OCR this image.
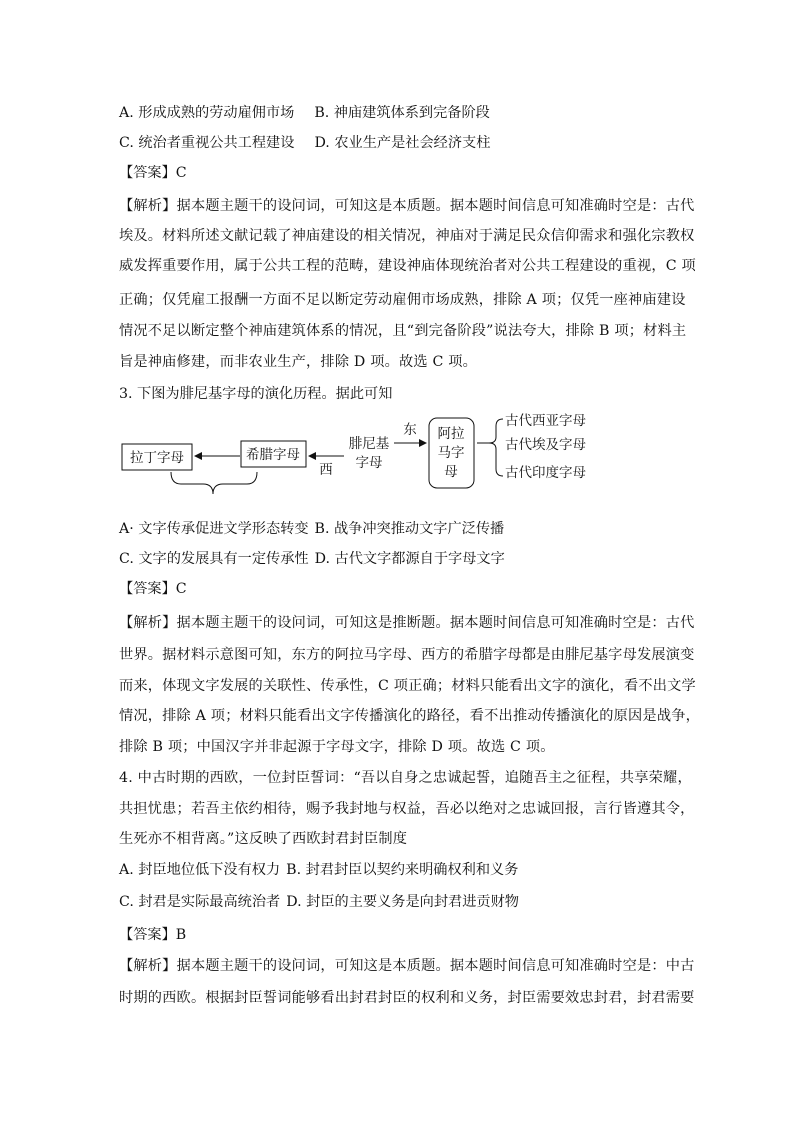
A. 形成成熟的劳动雇佣市场 B. 神庙建筑体系到完备阶段
C. 统治者重视公共工程建设 D. 农业生产是社会经济支柱
【答案】C
【解析】据本题主题干的设问词，可知这是本质题。据本题时间信息可知准确时空是：古代
埃及。材料所述文献记载了神庙建设的相关情况，神庙对于满足民众信仰需求和强化宗教权
威发挥重要作用，属于公共工程的范畴，建设神庙体现统治者对公共工程建设的重视，C 项
正确；仅凭雇工报酬一方面不足以断定劳动雇佣市场成熟，排除 A 项；仅凭一座神庙建设
情况不足以断定整个神庙建筑体系的情况，且“到完备阶段”说法夸大，排除 B 项；材料主
旨是神庙修建，而非农业生产，排除 D 项。故选 C 项。
3. 下图为腓尼基字母的演化历程。据此可知
拉丁字母	希腊字母
西
腓尼基
字母
东 阿拉
马字
母
古代西亚字母
古代埃及字母
古代印度字母
A· 文字传承促进文学形态转变 B. 战争冲突推动文字广泛传播
C. 文字的发展具有一定传承性 D. 古代文字都源自于字母文字
【答案】C
【解析】据本题主题干的设问词，可知这是推断题。据本题时间信息可知准确时空是：古代
世界。据材料示意图可知，东方的阿拉马字母、西方的希腊字母都是由腓尼基字母发展演变
而来，体现文字发展的关联性、传承性，C 项正确；材料只能看出文字的演化，看不出文学
情况，排除 A 项；材料只能看出文字传播演化的路径，看不出推动传播演化的原因是战争，
排除 B 项；中国汉字并非起源于字母文字，排除 D 项。故选 C 项。
4. 中古时期的西欧，一位封臣誓词：“吾以自身之忠诚起誓，追随吾主之征程，共享荣耀，
共担忧患；若吾主依约相待，赐予我封地与权益，吾必以绝对之忠诚回报，言行皆遵其令，
生死亦不相背离。”这反映了西欧封君封臣制度
A. 封臣地位低下没有权力 B. 封君封臣以契约来明确权利和义务
C. 封君是实际最高统治者 D. 封臣的主要义务是向封君进贡财物
【答案】B
【解析】据本题主题干的设问词，可知这是本质题。据本题时间信息可知准确时空是：中古
时期的西欧。根据封臣誓词能够看出封君封臣的权利和义务，封臣需要效忠封君，封君需要
